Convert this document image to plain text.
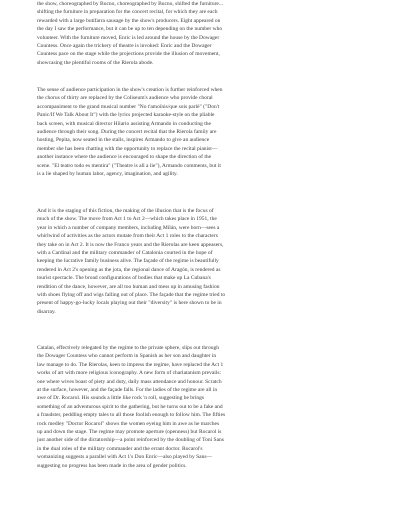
the show, choreographed by Bucno, choreographed by Bucno, shifted the furniture...
shifting the furniture in preparation for the concert recital, for which they are each
rewarded with a large butifarra sausage by the show's producers. Eight appeared on
the day I saw the performance, but it can be up to ten depending on the number who
volunteer. With the furniture moved, Enric is led around the house by the Dowager
Countess. Once again the trickery of theatre is invoked: Enric and the Dowager
Countess pace on the stage while the projections provide the illusion of movement,
showcasing the plentiful rooms of the Rierola abode.
The sense of audience participation in the show's creation is further reinforced when
the chorus of thirty are replaced by the Coliseum's audience who provide choral
accompaniment to the grand musical number "No t'amoïnis/que sois parlè" ("Don't
Panic/If We Talk About It") with the lyrics projected karaoke-style on the pliable
back screen, with musical director Hilario assisting Armando in conducting the
audience through their song. During the concert recital that the Rierola family are
hosting, Pepita, now seated in the stalls, inspires Armando to give an audience
member she has been chatting with the opportunity to replace the recital pianist—
another instance where the audience is encouraged to shape the direction of the
scene. "El teatro todo es mentira" ("Theatre is all a lie"), Armando comments, but it
is a lie shaped by human labor, agency, imagination, and agility.
And it is the staging of this fiction, the making of the illusion that is the focus of
much of the show. The move from Act 1 to Act 2—which takes place in 1951, the
year in which a number of company members, including Milán, were born—sees a
whirlwind of activities as the actors mutate from their Act 1 roles to the characters
they take on in Act 2. It is now the Franco years and the Rierolas are keen appeasers,
with a Cardinal and the military commander of Catalonia courted in the hope of
keeping the lucrative family business alive. The façade of the regime is beautifully
rendered in Act 2's opening as the jota, the regional dance of Aragón, is rendered as
tourist spectacle. The broad configurations of bodies that make up La Cubana's
rendition of the dance, however, are all too human and mess up in amusing fashion
with shoes flying off and wigs falling out of place. The façade that the regime tried to
present of happy-go-lucky locals playing out their "diversity" is here shown to be in
disarray.
Catalan, effectively relegated by the regime to the private sphere, slips out through
the Dowager Countess who cannot perform in Spanish as her son and daughter in
law manage to do. The Rierolas, keen to impress the regime, have replaced the Act 1
works of art with more religious iconography. A new form of charlatanism prevails:
one where wives boast of piety and duty, daily mass attendance and honour. Scratch
at the surface, however, and the façade falls. For the ladies of the regime are all in
awe of Dr. Rocarol. His sounds a little like rock 'n roll, suggesting he brings
something of an adventurous spirit to the gathering, but he turns out to be a fake and
a fraudster, peddling empty tales to all those foolish enough to follow him. The fifties
rock medley "Doctor Rocarol" shows the women eyeing him in awe as he marches
up and down the stage. The regime may promote aperture (openness) but Rocarol is
just another side of the dictatorship—a point reinforced by the doubling of Toni Sans
in the dual roles of the military commander and the errant doctor. Rocarol's
womanizing suggests a parallel with Act 1's Don Enric—also played by Sans—
suggesting no progress has been made in the area of gender politics.
